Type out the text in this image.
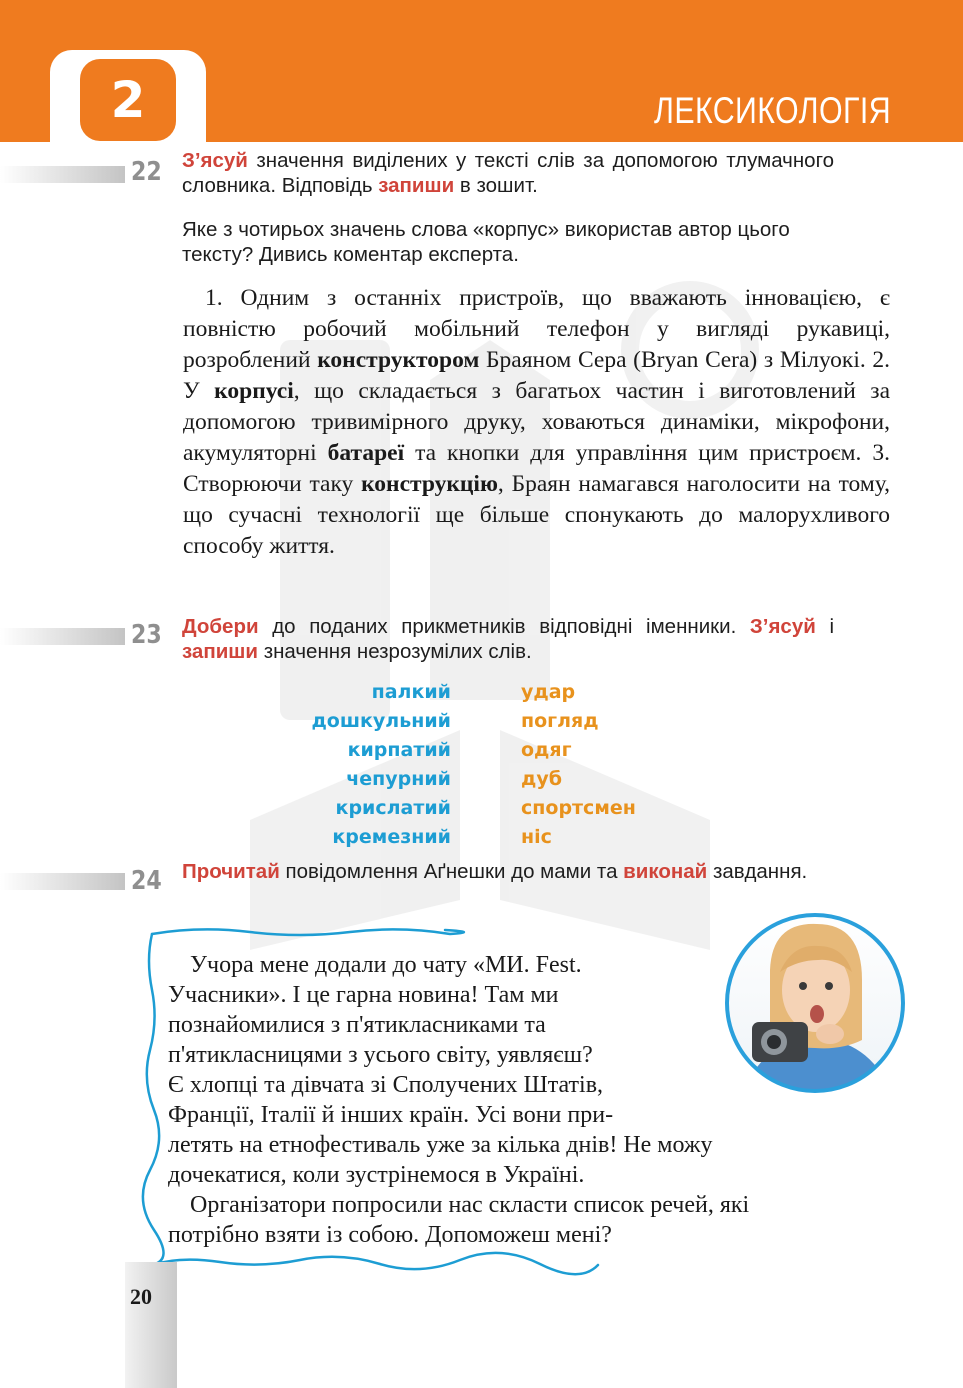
2	ЛЕКСИКОЛОГІЯ
22 З’ясуй значення виділених у тексті слів за допомогою тлумачного словника. Відповідь запиши в зошит.
Яке з чотирьох значень слова «корпус» використав автор цього тексту? Дивись коментар експерта.
1. Одним з останніх пристроїв, що вважають інновацією, є повністю робочий мобільний телефон у вигляді рукавиці, розроблений конструктором Браяном Сера (Bryan Cera) з Мілуокі. 2. У корпусі, що складається з багатьох частин і виготовлений за допомогою тривимірного друку, ховаються динаміки, мікрофони, акумуляторні батареї та кнопки для управління цим пристроєм. 3. Створюючи таку конструкцію, Браян намагався наголосити на тому, що сучасні технології ще більше спонукають до малорухливого способу життя.
23 Добери до поданих прикметників відповідні іменники. З’ясуй і запиши значення незрозумілих слів.
палкий
дошкульний
кирпатий
чепурний
крислатий
кремезний
удар
погляд
одяг
дуб
спортсмен
ніс
24 Прочитай повідомлення Аґнешки до мами та виконай завдання.
Учора мене додали до чату «МИ. Fest.
Учасники». І це гарна новина! Там ми
познайомилися з п'ятикласниками та
п'ятикласницями з усього світу, уявляєш?
Є хлопці та дівчата зі Сполучених Штатів,
Франції, Італії й інших країн. Усі вони при-
летять на етнофестиваль уже за кілька днів! Не можу
дочекатися, коли зустрінемося в Україні.
Організатори попросили нас скласти список речей, які
потрібно взяти із собою. Допоможеш мені?
20
